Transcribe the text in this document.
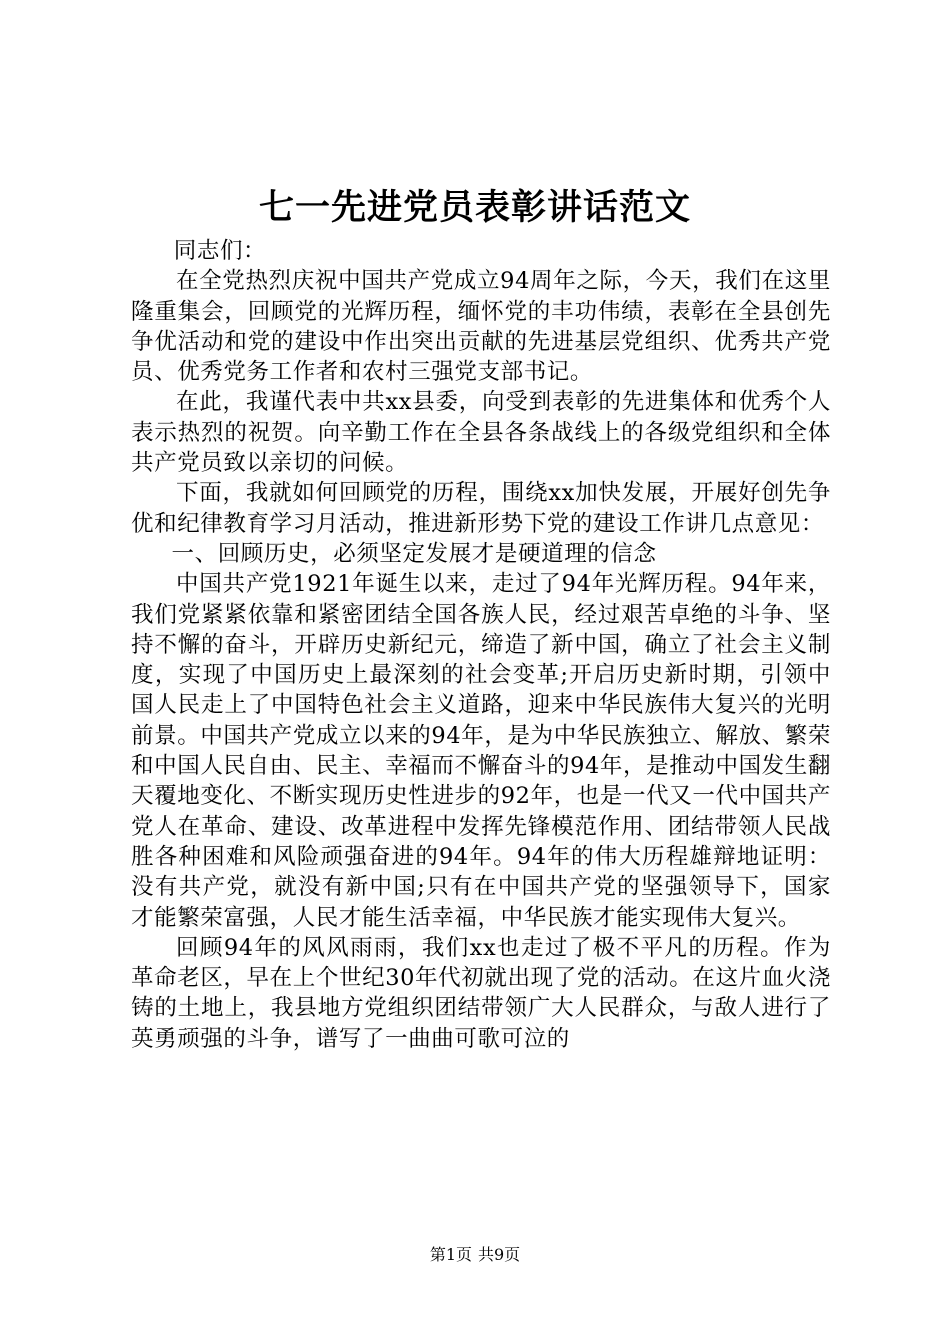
七一先进党员表彰讲话范文

同志们：

在全党热烈庆祝中国共产党成立94周年之际，今天，我们在这里隆重集会，回顾党的光辉历程，缅怀党的丰功伟绩，表彰在全县创先争优活动和党的建设中作出突出贡献的先进基层党组织、优秀共产党员、优秀党务工作者和农村三强党支部书记。

在此，我谨代表中共xx县委，向受到表彰的先进集体和优秀个人表示热烈的祝贺。向辛勤工作在全县各条战线上的各级党组织和全体共产党员致以亲切的问候。

下面，我就如何回顾党的历程，围绕xx加快发展，开展好创先争优和纪律教育学习月活动，推进新形势下党的建设工作讲几点意见：

一、回顾历史，必须坚定发展才是硬道理的信念

中国共产党1921年诞生以来，走过了94年光辉历程。94年来，我们党紧紧依靠和紧密团结全国各族人民，经过艰苦卓绝的斗争、坚持不懈的奋斗，开辟历史新纪元，缔造了新中国，确立了社会主义制度，实现了中国历史上最深刻的社会变革;开启历史新时期，引领中国人民走上了中国特色社会主义道路，迎来中华民族伟大复兴的光明前景。中国共产党成立以来的94年，是为中华民族独立、解放、繁荣和中国人民自由、民主、幸福而不懈奋斗的94年，是推动中国发生翻天覆地变化、不断实现历史性进步的92年，也是一代又一代中国共产党人在革命、建设、改革进程中发挥先锋模范作用、团结带领人民战胜各种困难和风险顽强奋进的94年。94年的伟大历程雄辩地证明：没有共产党，就没有新中国;只有在中国共产党的坚强领导下，国家才能繁荣富强，人民才能生活幸福，中华民族才能实现伟大复兴。

回顾94年的风风雨雨，我们xx也走过了极不平凡的历程。作为革命老区，早在上个世纪30年代初就出现了党的活动。在这片血火浇铸的土地上，我县地方党组织团结带领广大人民群众，与敌人进行了英勇顽强的斗争，谱写了一曲曲可歌可泣的

第1页 共9页
